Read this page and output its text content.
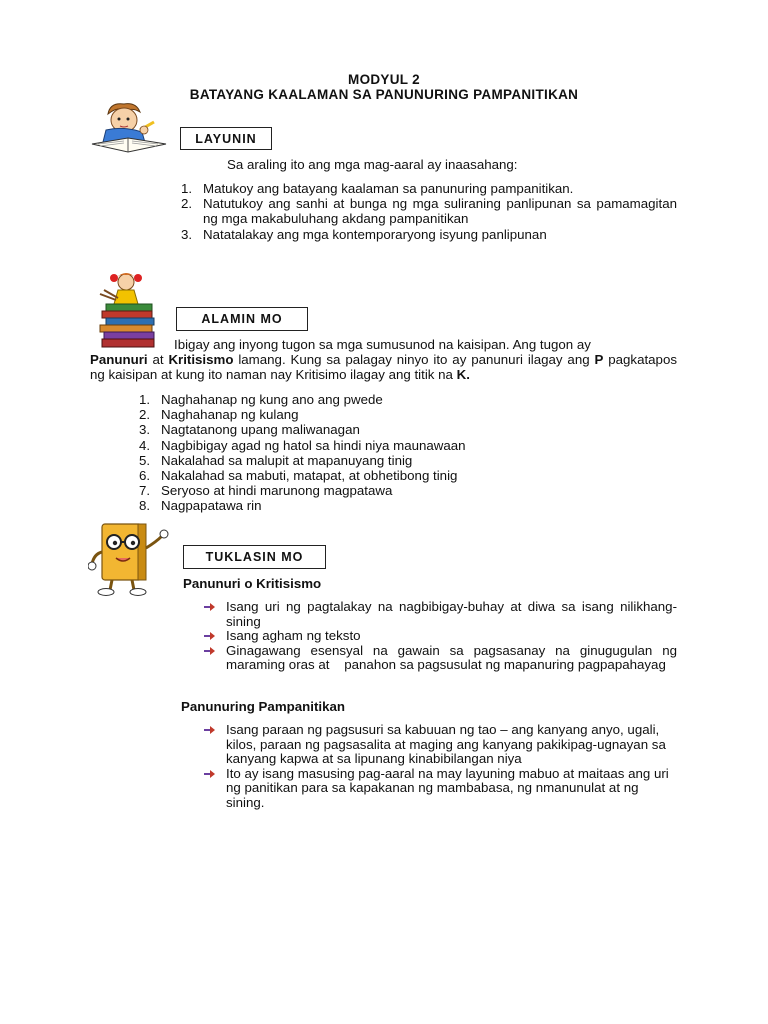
MODYUL 2
BATAYANG KAALAMAN SA PANUNURING PAMPANITIKAN
LAYUNIN
Sa araling ito ang mga mag-aaral ay inaasahang:
1. Matukoy ang batayang kaalaman sa panunuring pampanitikan.
2. Natutukoy ang sanhi at bunga ng mga suliraning panlipunan sa pamamagitan ng mga makabuluhang akdang pampanitikan
3. Natatalakay ang mga kontemporaryong isyung panlipunan
ALAMIN MO
Ibigay ang inyong tugon sa mga sumusunod na kaisipan. Ang tugon ay
Panunuri at Kritisismo lamang. Kung sa palagay ninyo ito ay panunuri ilagay ang P pagkatapos ng kaisipan at kung ito naman nay Kritisimo ilagay ang titik na K.
1. Naghahanap ng kung ano ang pwede
2. Naghahanap ng kulang
3. Nagtatanong upang maliwanagan
4. Nagbibigay agad ng hatol sa hindi niya maunawaan
5. Nakalahad sa malupit at mapanuyang tinig
6. Nakalahad sa mabuti, matapat, at obhetibong tinig
7. Seryoso at hindi marunong magpatawa
8. Nagpapatawa rin
TUKLASIN MO
Panunuri o Kritisismo
Isang uri ng pagtalakay na nagbibigay-buhay at diwa sa isang nilikhang-sining
Isang agham ng teksto
Ginagawang esensyal na gawain sa pagsasanay na ginugugulan ng maraming oras at    panahon sa pagsusulat ng mapanuring pagpapahayag
Panunuring Pampanitikan
Isang paraan ng pagsusuri sa kabuuan ng tao – ang kanyang anyo, ugali, kilos, paraan ng pagsasalita at maging ang kanyang pakikipag-ugnayan sa kanyang kapwa at sa lipunang kinabibilangan niya
Ito ay isang masusing pag-aaral na may layuning mabuo at maitaas ang uri ng panitikan para sa kapakanan ng mambabasa, ng nmanunulat at ng sining.
